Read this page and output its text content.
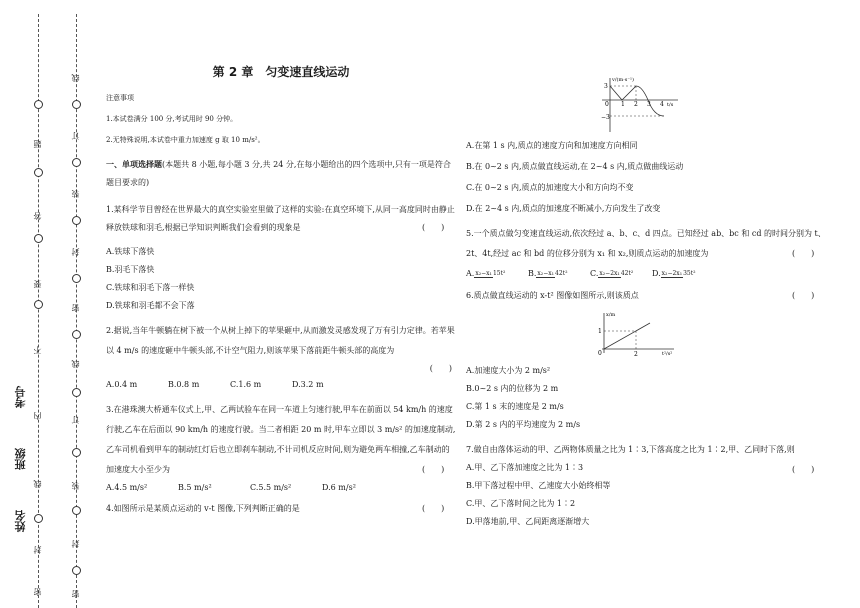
线
订
装
封
密
线
订
装
封
密
题
答
要
不
内
线
封
密
考号
班级
姓名
第 2 章　匀变速直线运动
注意事项
1.本试卷满分 100 分,考试用时 90 分钟。
2.无特殊说明,本试卷中重力加速度 g 取 10 m/s²。
一、单项选择题(本题共 8 小题,每小题 3 分,共 24 分,在每小题给出的四个选项中,只有一项是符合题目要求的)
1.某科学节目曾经在世界最大的真空实验室里做了这样的实验:在真空环境下,从同一高度同时由静止释放铁球和羽毛,根据已学知识判断我们会看到的现象是	(　　)
A.铁球下落快
B.羽毛下落快
C.铁球和羽毛下落一样快
D.铁球和羽毛都不会下落
2.据说,当年牛顿躺在树下被一个从树上掉下的苹果砸中,从而激发灵感发现了万有引力定律。若苹果以 4 m/s 的速度砸中牛顿头部,不计空气阻力,则该苹果下落前距牛顿头部的高度为
(　　)
A.0.4 m	B.0.8 m	C.1.6 m	D.3.2 m
3.在港珠澳大桥通车仪式上,甲、乙两试验车在同一车道上匀速行驶,甲车在前面以 54 km/h 的速度行驶,乙车在后面以 90 km/h 的速度行驶。当二者相距 20 m 时,甲车立即以 3 m/s² 的加速度制动,乙车司机看到甲车的制动红灯后也立即刹车制动,不计司机反应时间,则为避免两车相撞,乙车制动的加速度大小至少为	(　　)
A.4.5 m/s²	B.5 m/s²	C.5.5 m/s²	D.6 m/s²
4.如图所示是某质点运动的 v-t 图像,下列判断正确的是	(　　)
v/(m·s⁻¹)
3
−3
0 1 2 3 4 t/s
A.在第 1 s 内,质点的速度方向和加速度方向相同
B.在 0~2 s 内,质点做直线运动,在 2~4 s 内,质点做曲线运动
C.在 0~2 s 内,质点的加速度大小和方向均不变
D.在 2~4 s 内,质点的加速度不断减小,方向发生了改变
5.一个质点做匀变速直线运动,依次经过 a、b、c、d 四点。已知经过 ab、bc 和 cd 的时间分别为 t、2t、4t,经过 ac 和 bd 的位移分别为 x₁ 和 x₂,则质点运动的加速度为	(　　)
A.x₂−x₁15t²	B.x₂−x₁42t²	C.x₂−2x₁42t²	D.x₂−2x₁35t²
6.质点做直线运动的 x-t² 图像如图所示,则该质点	(　　)
x/m
1
2
0	t²/s²
A.加速度大小为 2 m/s²
B.0~2 s 内的位移为 2 m
C.第 1 s 末的速度是 2 m/s
D.第 2 s 内的平均速度为 2 m/s
7.做自由落体运动的甲、乙两物体质量之比为 1∶3,下落高度之比为 1∶2,甲、乙同时下落,则
(　　)
A.甲、乙下落加速度之比为 1∶3
B.甲下落过程中甲、乙速度大小始终相等
C.甲、乙下落时间之比为 1∶2
D.甲落地前,甲、乙间距离逐渐增大
